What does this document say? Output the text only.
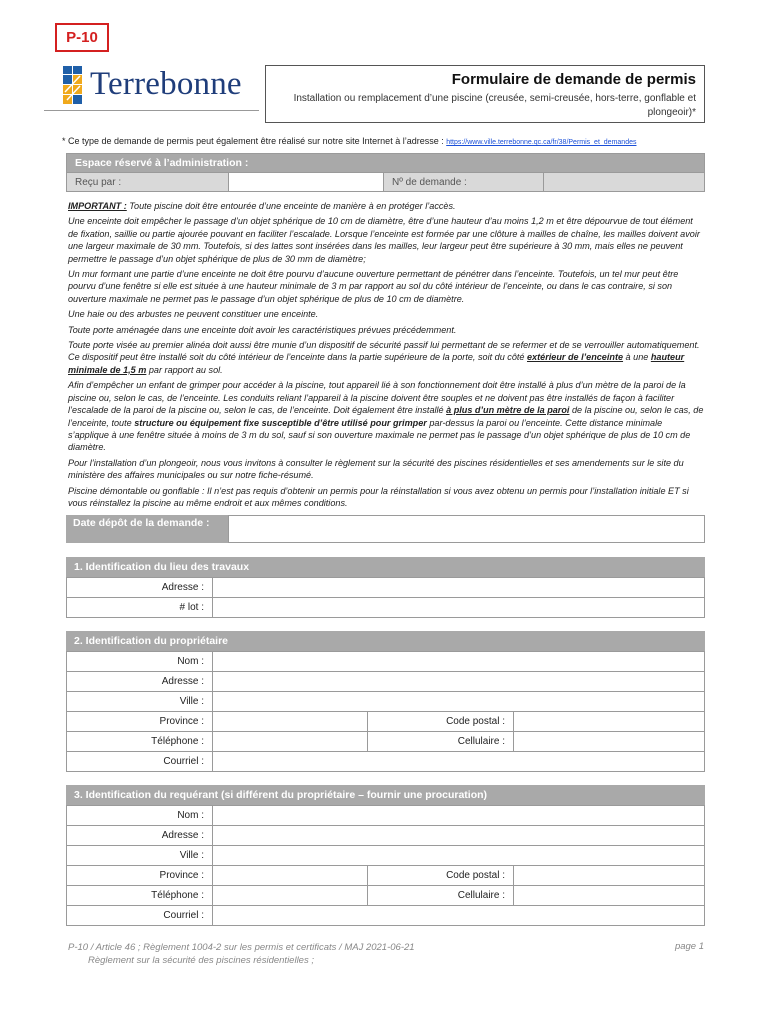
P-10
Terrebonne	Formulaire de demande de permis
Installation ou remplacement d’une piscine (creusée, semi-creusée, hors-terre, gonflable et plongeoir)*
* Ce type de demande de permis peut également être réalisé sur notre site Internet à l’adresse : https://www.ville.terrebonne.qc.ca/fr/38/Permis_et_demandes
Espace réservé à l’administration :
Reçu par :		Nº de demande :	

IMPORTANT : Toute piscine doit être entourée d’une enceinte de manière à en protéger l’accès.

Une enceinte doit empêcher le passage d’un objet sphérique de 10 cm de diamètre, être d’une hauteur d’au moins 1,2 m et être dépourvue de tout élément de fixation, saillie ou partie ajourée pouvant en faciliter l’escalade. Lorsque l’enceinte est formée par une clôture à mailles de chaîne, les mailles doivent avoir une largeur maximale de 30 mm. Toutefois, si des lattes sont insérées dans les mailles, leur largeur peut être supérieure à 30 mm, mais elles ne peuvent permettre le passage d’un objet sphérique de plus de 30 mm de diamètre;

Un mur formant une partie d’une enceinte ne doit être pourvu d’aucune ouverture permettant de pénétrer dans l’enceinte. Toutefois, un tel mur peut être pourvu d’une fenêtre si elle est située à une hauteur minimale de 3 m par rapport au sol du côté intérieur de l’enceinte, ou dans le cas contraire, si son ouverture maximale ne permet pas le passage d’un objet sphérique de plus de 10 cm de diamètre.

Une haie ou des arbustes ne peuvent constituer une enceinte.

Toute porte aménagée dans une enceinte doit avoir les caractéristiques prévues précédemment.

Toute porte visée au premier alinéa doit aussi être munie d’un dispositif de sécurité passif lui permettant de se refermer et de se verrouiller automatiquement. Ce dispositif peut être installé soit du côté intérieur de l’enceinte dans la partie supérieure de la porte, soit du côté extérieur de l’enceinte à une hauteur minimale de 1,5 m par rapport au sol.

Afin d’empêcher un enfant de grimper pour accéder à la piscine, tout appareil lié à son fonctionnement doit être installé à plus d’un mètre de la paroi de la piscine ou, selon le cas, de l’enceinte. Les conduits reliant l’appareil à la piscine doivent être souples et ne doivent pas être installés de façon à faciliter l’escalade de la paroi de la piscine ou, selon le cas, de l’enceinte. Doit également être installé à plus d’un mètre de la paroi de la piscine ou, selon le cas, de l’enceinte, toute structure ou équipement fixe susceptible d’être utilisé pour grimper par-dessus la paroi ou l’enceinte. Cette distance minimale s’applique à une fenêtre située à moins de 3 m du sol, sauf si son ouverture maximale ne permet pas le passage d’un objet sphérique de plus de 10 cm de diamètre.

Pour l’installation d’un plongeoir, nous vous invitons à consulter le règlement sur la sécurité des piscines résidentielles et ses amendements sur le site du ministère des affaires municipales ou sur notre fiche-résumé.

Piscine démontable ou gonflable : Il n’est pas requis d’obtenir un permis pour la réinstallation si vous avez obtenu un permis pour l’installation initiale ET si vous réinstallez la piscine au même endroit et aux mêmes conditions.

Date dépôt de la demande :
1. Identification du lieu des travaux
Adresse :	
# lot :	
2. Identification du propriétaire
Nom :			
Adresse :			
Ville :			
Province :		Code postal :	
Téléphone :		Cellulaire :	
Courriel :			
3. Identification du requérant (si différent du propriétaire – fournir une procuration)
Nom :			
Adresse :			
Ville :			
Province :		Code postal :	
Téléphone :		Cellulaire :	
Courriel :			
P-10 / Article 46 ; Règlement 1004-2 sur les permis et certificats / MAJ 2021-06-21
Règlement sur la sécurité des piscines résidentielles ;
page 1
